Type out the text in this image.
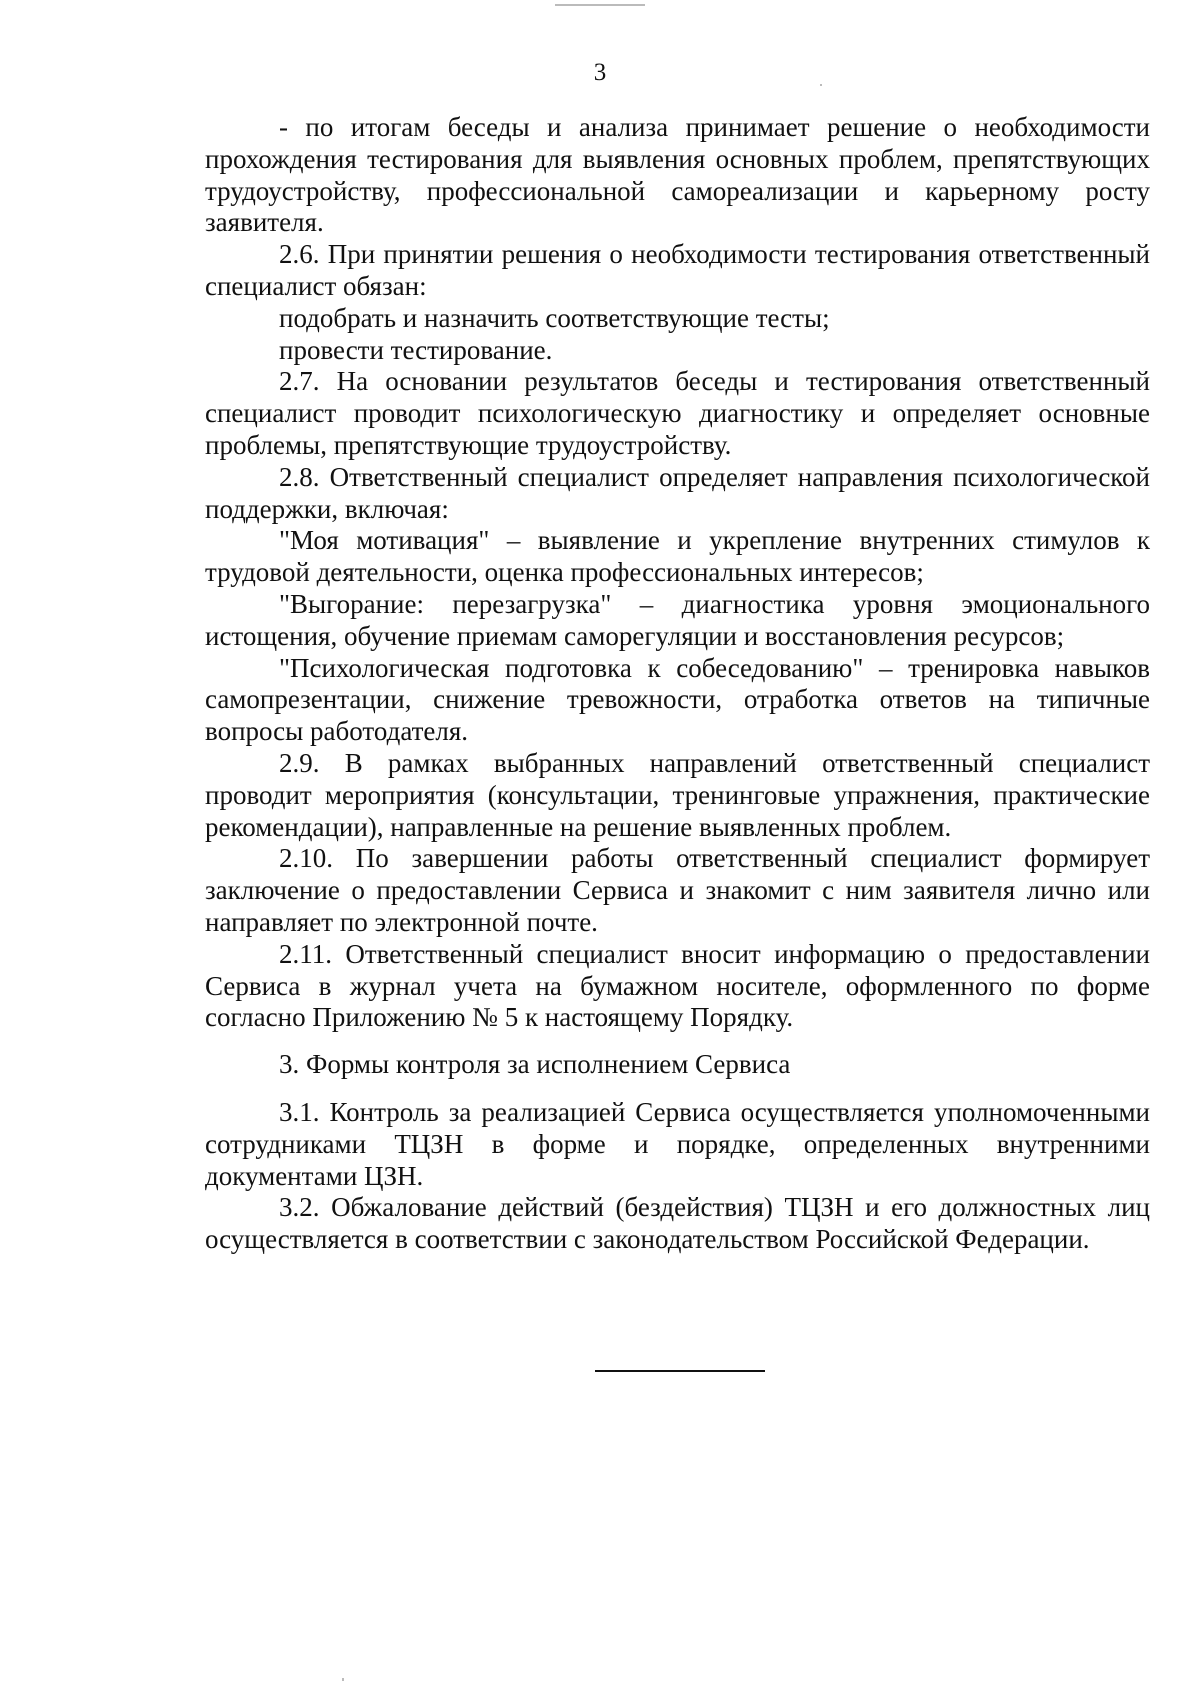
3

- по итогам беседы и анализа принимает решение о необходимости прохождения тестирования для выявления основных проблем, препятствующих трудоустройству, профессиональной самореализации и карьерному росту заявителя.

2.6. При принятии решения о необходимости тестирования ответственный специалист обязан:

подобрать и назначить соответствующие тесты;

провести тестирование.

2.7. На основании результатов беседы и тестирования ответственный специалист проводит психологическую диагностику и определяет основные проблемы, препятствующие трудоустройству.

2.8. Ответственный специалист определяет направления психологической поддержки, включая:

"Моя мотивация" – выявление и укрепление внутренних стимулов к трудовой деятельности, оценка профессиональных интересов;

"Выгорание: перезагрузка" – диагностика уровня эмоционального истощения, обучение приемам саморегуляции и восстановления ресурсов;

"Психологическая подготовка к собеседованию" – тренировка навыков самопрезентации, снижение тревожности, отработка ответов на типичные вопросы работодателя.

2.9. В рамках выбранных направлений ответственный специалист проводит мероприятия (консультации, тренинговые упражнения, практические рекомендации), направленные на решение выявленных проблем.

2.10. По завершении работы ответственный специалист формирует заключение о предоставлении Сервиса и знакомит с ним заявителя лично или направляет по электронной почте.

2.11. Ответственный специалист вносит информацию о предоставлении Сервиса в журнал учета на бумажном носителе, оформленного по форме согласно Приложению № 5 к настоящему Порядку.

3. Формы контроля за исполнением Сервиса

3.1. Контроль за реализацией Сервиса осуществляется уполномоченными сотрудниками ТЦЗН в форме и порядке, определенных внутренними документами ЦЗН.

3.2. Обжалование действий (бездействия) ТЦЗН и его должностных лиц осуществляется в соответствии с законодательством Российской Федерации.
